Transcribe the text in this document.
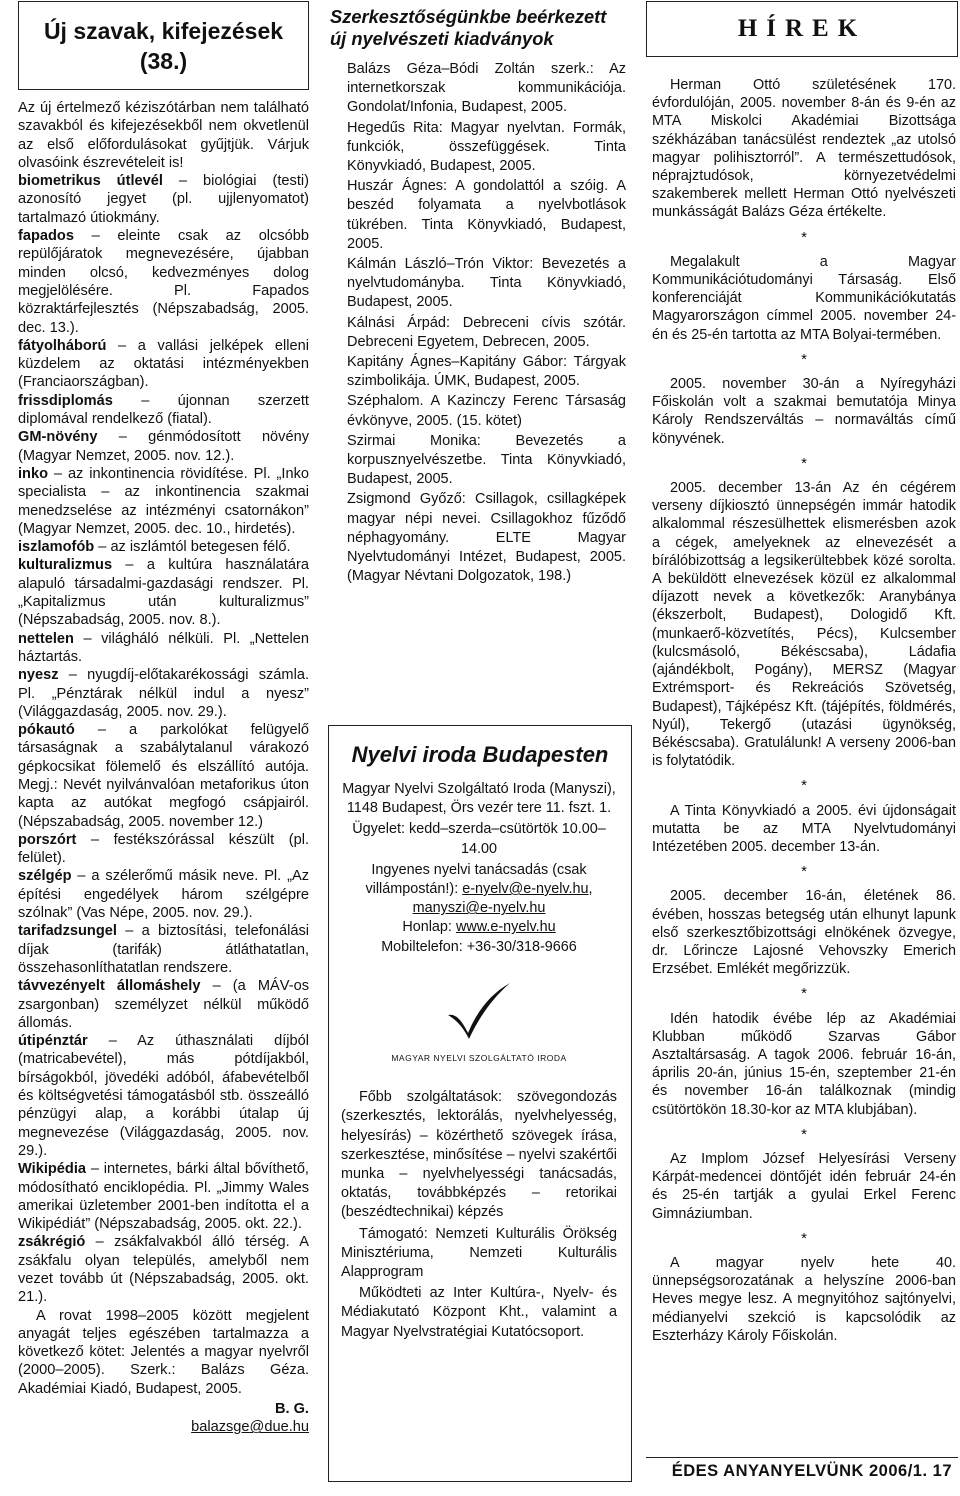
Új szavak, kifejezések
(38.)

Az új értelmező kéziszótárban nem található szavakból és kifejezésekből nem okvetlenül az első előfordulásokat gyűjtjük. Várjuk olvasóink észrevételeit is!

biometrikus útlevél – biológiai (testi) azonosító jegyet (pl. ujjlenyomatot) tartalmazó útiokmány.

fapados – eleinte csak az olcsóbb repülőjáratok megnevezésére, újabban minden olcsó, kedvezményes dolog megjelölésére. Pl. Fapados közraktárfejlesztés (Népszabadság, 2005. dec. 13.).

fátyolháború – a vallási jelképek elleni küzdelem az oktatási intézményekben (Franciaországban).

frissdiplomás – újonnan szerzett diplomával rendelkező (fiatal).

GM-növény – génmódosított növény (Magyar Nemzet, 2005. nov. 12.).

inko – az inkontinencia rövidítése. Pl. „Inko specialista – az inkontinencia szakmai menedzselése az intézményi csatornákon” (Magyar Nemzet, 2005. dec. 10., hirdetés).

iszlamofób – az iszlámtól betegesen félő.

kulturalizmus – a kultúra használatára alapuló társadalmi-gazdasági rendszer. Pl. „Kapitalizmus után kulturalizmus” (Népszabadság, 2005. nov. 8.).

nettelen – világháló nélküli. Pl. „Nettelen háztartás.

nyesz – nyugdíj-előtakarékossági számla. Pl. „Pénztárak nélkül indul a nyesz” (Világgazdaság, 2005. nov. 29.).

pókautó – a parkolókat felügyelő társaságnak a szabálytalanul várakozó gépkocsikat fölemelő és elszállító autója. Megj.: Nevét nyilvánvalóan metaforikus úton kapta az autókat megfogó csápjairól. (Népszabadság, 2005. november 12.)

porszórt – festékszórással készült (pl. felület).

szélgép – a szélerőmű másik neve. Pl. „Az építési engedélyek három szélgépre szólnak” (Vas Népe, 2005. nov. 29.).

tarifadzsungel – a biztosítási, telefonálási díjak (tarifák) átláthatatlan, összehasonlíthatatlan rendszere.

távvezényelt állomáshely – (a MÁV-os zsargonban) személyzet nélkül működő állomás.

útipénztár – Az úthasználati díjból (matricabevétel), más pótdíjakból, bírságokból, jövedéki adóból, áfabevételből és költségvetési támogatásból stb. összeálló pénzügyi alap, a korábbi útalap új megnevezése (Világgazdaság, 2005. nov. 29.).

Wikipédia – internetes, bárki által bővíthető, módosítható enciklopédia. Pl. „Jimmy Wales amerikai üzletember 2001-ben indította el a Wikipédiát” (Népszabadság, 2005. okt. 22.).

zsákrégió – zsákfalvakból álló térség. A zsákfalu olyan település, amelyből nem vezet tovább út (Népszabadság, 2005. okt. 21.).

A rovat 1998–2005 között megjelent anyagát teljes egészében tartalmazza a következő kötet: Jelentés a magyar nyelvről (2000–2005). Szerk.: Balázs Géza. Akadémiai Kiadó, Budapest, 2005.

B. G.

balazsge@due.hu

Szerkesztőségünkbe beérkezett
új nyelvészeti kiadványok

Balázs Géza–Bódi Zoltán szerk.: Az internetkorszak kommunikációja. Gondolat/Infonia, Budapest, 2005.

Hegedűs Rita: Magyar nyelvtan. Formák, funkciók, összefüggések. Tinta Könyvkiadó, Budapest, 2005.

Huszár Ágnes: A gondolattól a szóig. A beszéd folyamata a nyelvbotlások tükrében. Tinta Könyvkiadó, Budapest, 2005.

Kálmán László–Trón Viktor: Bevezetés a nyelvtudományba. Tinta Könyvkiadó, Budapest, 2005.

Kálnási Árpád: Debreceni cívis szótár. Debreceni Egyetem, Debrecen, 2005.

Kapitány Ágnes–Kapitány Gábor: Tárgyak szimbolikája. ÚMK, Budapest, 2005.

Széphalom. A Kazinczy Ferenc Társaság évkönyve, 2005. (15. kötet)

Szirmai Monika: Bevezetés a korpusznyelvészetbe. Tinta Könyvkiadó, Budapest, 2005.

Zsigmond Győző: Csillagok, csillagképek magyar népi nevei. Csillagokhoz fűződő néphagyomány. ELTE Magyar Nyelvtudományi Intézet, Budapest, 2005. (Magyar Névtani Dolgozatok, 198.)

Nyelvi iroda Budapesten

Magyar Nyelvi Szolgáltató Iroda (Manyszi), 1148 Budapest, Örs vezér tere 11. fszt. 1.

Ügyelet: kedd–szerda–csütörtök 10.00–14.00

Ingyenes nyelvi tanácsadás (csak villámpostán!): e-nyelv@e-nyelv.hu, manyszi@e-nyelv.hu

Honlap: www.e-nyelv.hu

Mobiltelefon: +36-30/318-9666

MAGYAR NYELVI SZOLGÁLTATÓ IRODA

Főbb szolgáltatások: szövegondozás (szerkesztés, lektorálás, nyelvhelyesség, helyesírás) – közérthető szövegek írása, szerkesztése, minősítése – nyelvi szakértői munka – nyelvhelyességi tanácsadás, oktatás, továbbképzés – retorikai (beszédtechnikai) képzés

Támogató: Nemzeti Kulturális Örökség Minisztériuma, Nemzeti Kulturális Alapprogram

Működteti az Inter Kultúra-, Nyelv- és Médiakutató Központ Kht., valamint a Magyar Nyelvstratégiai Kutatócsoport.

HÍREK

Herman Ottó születésének 170. évfordulóján, 2005. november 8-án és 9-én az MTA Miskolci Akadémiai Bizottsága székházában tanácsülést rendeztek „az utolsó magyar polihisztorról”. A természettudósok, néprajztudósok, környezetvédelmi szakemberek mellett Herman Ottó nyelvészeti munkásságát Balázs Géza értékelte.

*

Megalakult a Magyar Kommunikációtudományi Társaság. Első konferenciáját Kommunikációkutatás Magyarországon címmel 2005. november 24-én és 25-én tartotta az MTA Bolyai-termében.

*

2005. november 30-án a Nyíregyházi Főiskolán volt a szakmai bemutatója Minya Károly Rendszerváltás – normaváltás című könyvének.

*

2005. december 13-án Az én cégérem verseny díjkiosztó ünnepségén immár hatodik alkalommal részesülhettek elismerésben azok a cégek, amelyeknek az elnevezését a bírálóbizottság a legsikerültebbek közé sorolta. A beküldött elnevezések közül ez alkalommal díjazott nevek a következők: Aranybánya (ékszerbolt, Budapest), Dologidő Kft. (munkaerő-közvetítés, Pécs), Kulcsember (kulcsmásoló, Békéscsaba), Ládafia (ajándékbolt, Pogány), MERSZ (Magyar Extrémsport- és Rekreációs Szövetség, Budapest), Tájképész Kft. (tájépítés, földmérés, Nyúl), Tekergő (utazási ügynökség, Békéscsaba). Gratulálunk! A verseny 2006-ban is folytatódik.

*

A Tinta Könyvkiadó a 2005. évi újdonságait mutatta be az MTA Nyelvtudományi Intézetében 2005. december 13-án.

*

2005. december 16-án, életének 86. évében, hosszas betegség után elhunyt lapunk első szerkesztőbizottsági elnökének özvegye, dr. Lőrincze Lajosné Vehovszky Emerich Erzsébet. Emlékét megőrizzük.

*

Idén hatodik évébe lép az Akadémiai Klubban működő Szarvas Gábor Asztaltársaság. A tagok 2006. február 16-án, április 20-án, június 15-én, szeptember 21-én és november 16-án találkoznak (mindig csütörtökön 18.30-kor az MTA klubjában).

*

Az Implom József Helyesírási Verseny Kárpát-medencei döntőjét idén február 24-én és 25-én tartják a gyulai Erkel Ferenc Gimnáziumban.

*

A magyar nyelv hete 40. ünnepségsorozatának a helyszíne 2006-ban Heves megye lesz. A megnyitóhoz sajtónyelvi, médianyelvi szekció is kapcsolódik az Eszterházy Károly Főiskolán.

ÉDES ANYANYELVÜNK 2006/1. 17
